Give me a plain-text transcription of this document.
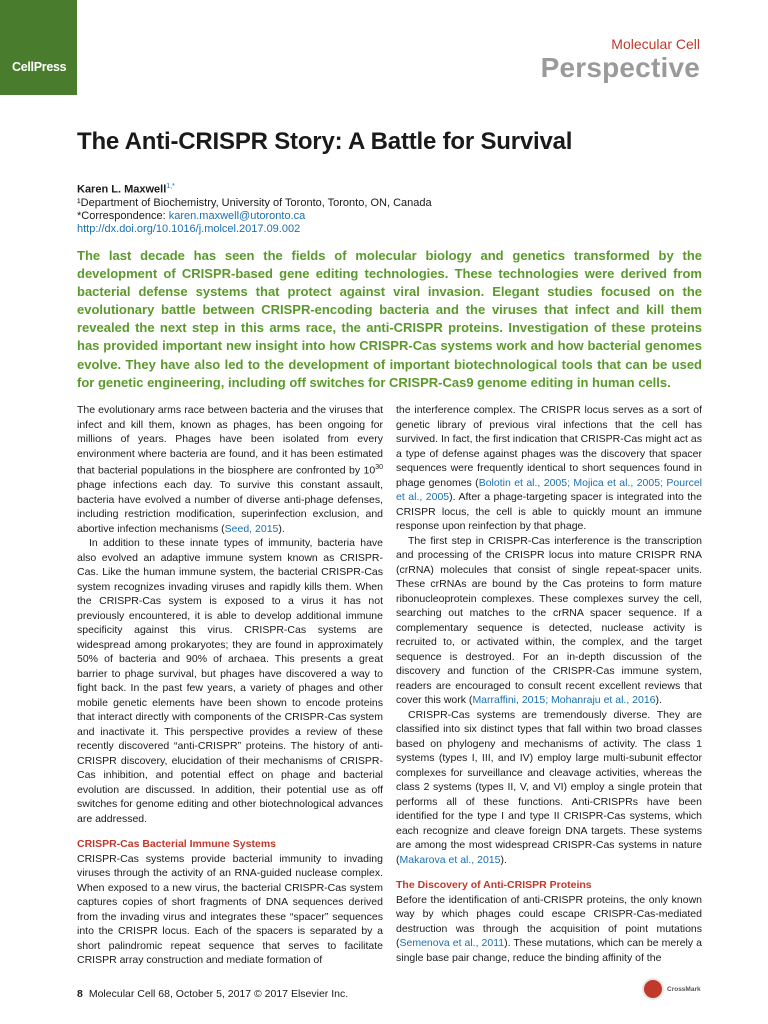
CellPress
Molecular Cell
Perspective
The Anti-CRISPR Story: A Battle for Survival
Karen L. Maxwell$^{1,*}$
¹Department of Biochemistry, University of Toronto, Toronto, ON, Canada
*Correspondence: karen.maxwell@utoronto.ca
http://dx.doi.org/10.1016/j.molcel.2017.09.002

The last decade has seen the fields of molecular biology and genetics transformed by the development of CRISPR-based gene editing technologies. These technologies were derived from bacterial defense systems that protect against viral invasion. Elegant studies focused on the evolutionary battle between CRISPR-encoding bacteria and the viruses that infect and kill them revealed the next step in this arms race, the anti-CRISPR proteins. Investigation of these proteins has provided important new insight into how CRISPR-Cas systems work and how bacterial genomes evolve. They have also led to the development of important biotechnological tools that can be used for genetic engineering, including off switches for CRISPR-Cas9 genome editing in human cells.

The evolutionary arms race between bacteria and the viruses that infect and kill them, known as phages, has been ongoing for millions of years. Phages have been isolated from every environment where bacteria are found, and it has been estimated that bacterial populations in the biosphere are confronted by $10^{30}$ phage infections each day. To survive this constant assault, bacteria have evolved a number of diverse anti-phage defenses, including restriction modification, superinfection exclusion, and abortive infection mechanisms (Seed, 2015).

In addition to these innate types of immunity, bacteria have also evolved an adaptive immune system known as CRISPR-Cas. Like the human immune system, the bacterial CRISPR-Cas system recognizes invading viruses and rapidly kills them. When the CRISPR-Cas system is exposed to a virus it has not previously encountered, it is able to develop additional immune specificity against this virus. CRISPR-Cas systems are widespread among prokaryotes; they are found in approximately 50% of bacteria and 90% of archaea. This presents a great barrier to phage survival, but phages have discovered a way to fight back. In the past few years, a variety of phages and other mobile genetic elements have been shown to encode proteins that interact directly with components of the CRISPR-Cas system and inactivate it. This perspective provides a review of these recently discovered “anti-CRISPR” proteins. The history of anti-CRISPR discovery, elucidation of their mechanisms of CRISPR-Cas inhibition, and potential effect on phage and bacterial evolution are discussed. In addition, their potential use as off switches for genome editing and other biotechnological advances are addressed.

CRISPR-Cas Bacterial Immune Systems

CRISPR-Cas systems provide bacterial immunity to invading viruses through the activity of an RNA-guided nuclease complex. When exposed to a new virus, the bacterial CRISPR-Cas system captures copies of short fragments of DNA sequences derived from the invading virus and integrates these “spacer” sequences into the CRISPR locus. Each of the spacers is separated by a short palindromic repeat sequence that serves to facilitate CRISPR array construction and mediate formation of

the interference complex. The CRISPR locus serves as a sort of genetic library of previous viral infections that the cell has survived. In fact, the first indication that CRISPR-Cas might act as a type of defense against phages was the discovery that spacer sequences were frequently identical to short sequences found in phage genomes (Bolotin et al., 2005; Mojica et al., 2005; Pourcel et al., 2005). After a phage-targeting spacer is integrated into the CRISPR locus, the cell is able to quickly mount an immune response upon reinfection by that phage.

The first step in CRISPR-Cas interference is the transcription and processing of the CRISPR locus into mature CRISPR RNA (crRNA) molecules that consist of single repeat-spacer units. These crRNAs are bound by the Cas proteins to form mature ribonucleoprotein complexes. These complexes survey the cell, searching out matches to the crRNA spacer sequence. If a complementary sequence is detected, nuclease activity is recruited to, or activated within, the complex, and the target sequence is destroyed. For an in-depth discussion of the discovery and function of the CRISPR-Cas immune system, readers are encouraged to consult recent excellent reviews that cover this work (Marraffini, 2015; Mohanraju et al., 2016).

CRISPR-Cas systems are tremendously diverse. They are classified into six distinct types that fall within two broad classes based on phylogeny and mechanisms of activity. The class 1 systems (types I, III, and IV) employ large multi-subunit effector complexes for surveillance and cleavage activities, whereas the class 2 systems (types II, V, and VI) employ a single protein that performs all of these functions. Anti-CRISPRs have been identified for the type I and type II CRISPR-Cas systems, which each recognize and cleave foreign DNA targets. These systems are among the most widespread CRISPR-Cas systems in nature (Makarova et al., 2015).

The Discovery of Anti-CRISPR Proteins

Before the identification of anti-CRISPR proteins, the only known way by which phages could escape CRISPR-Cas-mediated destruction was through the acquisition of point mutations (Semenova et al., 2011). These mutations, which can be merely a single base pair change, reduce the binding affinity of the

8 Molecular Cell 68, October 5, 2017 © 2017 Elsevier Inc.	CrossMark
